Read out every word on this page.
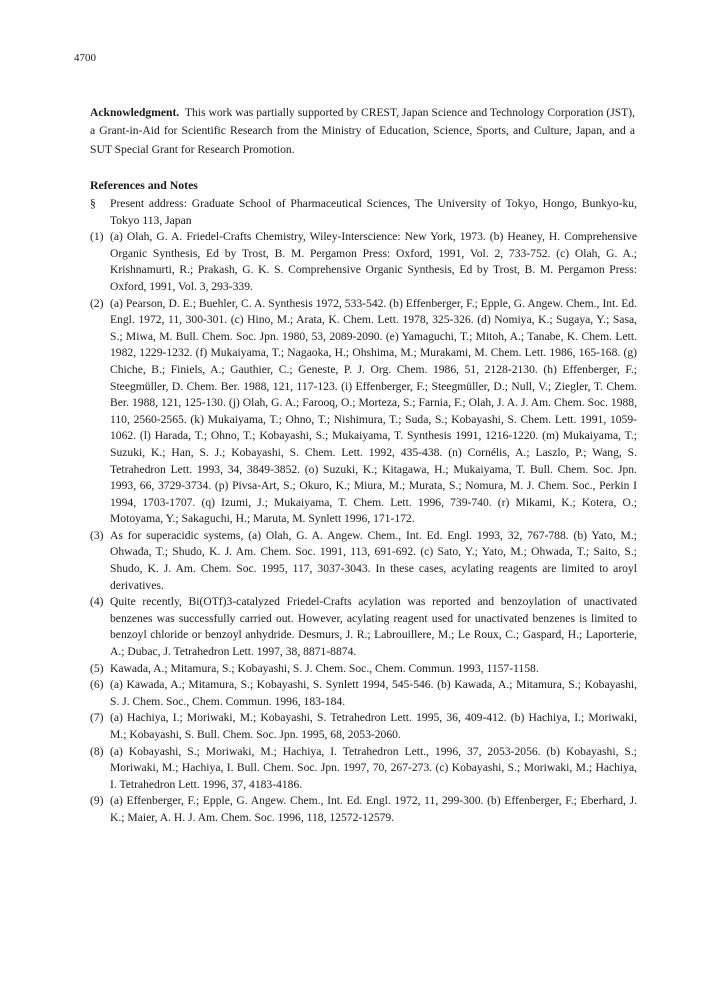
4700
Acknowledgment. This work was partially supported by CREST, Japan Science and Technology Corporation (JST), a Grant-in-Aid for Scientific Research from the Ministry of Education, Science, Sports, and Culture, Japan, and a SUT Special Grant for Research Promotion.
References and Notes
§ Present address: Graduate School of Pharmaceutical Sciences, The University of Tokyo, Hongo, Bunkyo-ku, Tokyo 113, Japan
(1) (a) Olah, G. A. Friedel-Crafts Chemistry, Wiley-Interscience: New York, 1973. (b) Heaney, H. Comprehensive Organic Synthesis, Ed by Trost, B. M. Pergamon Press: Oxford, 1991, Vol. 2, 733-752. (c) Olah, G. A.; Krishnamurti, R.; Prakash, G. K. S. Comprehensive Organic Synthesis, Ed by Trost, B. M. Pergamon Press: Oxford, 1991, Vol. 3, 293-339.
(2) (a) Pearson, D. E.; Buehler, C. A. Synthesis 1972, 533-542. (b) Effenberger, F.; Epple, G. Angew. Chem., Int. Ed. Engl. 1972, 11, 300-301. (c) Hino, M.; Arata, K. Chem. Lett. 1978, 325-326. (d) Nomiya, K.; Sugaya, Y.; Sasa, S.; Miwa, M. Bull. Chem. Soc. Jpn. 1980, 53, 2089-2090. (e) Yamaguchi, T.; Mitoh, A.; Tanabe, K. Chem. Lett. 1982, 1229-1232. (f) Mukaiyama, T.; Nagaoka, H.; Ohshima, M.; Murakami, M. Chem. Lett. 1986, 165-168. (g) Chiche, B.; Finiels, A.; Gauthier, C.; Geneste, P. J. Org. Chem. 1986, 51, 2128-2130. (h) Effenberger, F.; Steegmüller, D. Chem. Ber. 1988, 121, 117-123. (i) Effenberger, F.; Steegmüller, D.; Null, V.; Ziegler, T. Chem. Ber. 1988, 121, 125-130. (j) Olah, G. A.; Farooq, O.; Morteza, S.; Farnia, F.; Olah, J. A. J. Am. Chem. Soc. 1988, 110, 2560-2565. (k) Mukaiyama, T.; Ohno, T.; Nishimura, T.; Suda, S.; Kobayashi, S. Chem. Lett. 1991, 1059-1062. (l) Harada, T.; Ohno, T.; Kobayashi, S.; Mukaiyama, T. Synthesis 1991, 1216-1220. (m) Mukaiyama, T.; Suzuki, K.; Han, S. J.; Kobayashi, S. Chem. Lett. 1992, 435-438. (n) Cornélis, A.; Laszlo, P.; Wang, S. Tetrahedron Lett. 1993, 34, 3849-3852. (o) Suzuki, K.; Kitagawa, H.; Mukaiyama, T. Bull. Chem. Soc. Jpn. 1993, 66, 3729-3734. (p) Pivsa-Art, S.; Okuro, K.; Miura, M.; Murata, S.; Nomura, M. J. Chem. Soc., Perkin I 1994, 1703-1707. (q) Izumi, J.; Mukaiyama, T. Chem. Lett. 1996, 739-740. (r) Mikami, K.; Kotera, O.; Motoyama, Y.; Sakaguchi, H.; Maruta, M. Synlett 1996, 171-172.
(3) As for superacidic systems, (a) Olah, G. A. Angew. Chem., Int. Ed. Engl. 1993, 32, 767-788. (b) Yato, M.; Ohwada, T.; Shudo, K. J. Am. Chem. Soc. 1991, 113, 691-692. (c) Sato, Y.; Yato, M.; Ohwada, T.; Saito, S.; Shudo, K. J. Am. Chem. Soc. 1995, 117, 3037-3043. In these cases, acylating reagents are limited to aroyl derivatives.
(4) Quite recently, Bi(OTf)3-catalyzed Friedel-Crafts acylation was reported and benzoylation of unactivated benzenes was successfully carried out. However, acylating reagent used for unactivated benzenes is limited to benzoyl chloride or benzoyl anhydride. Desmurs, J. R.; Labrouillere, M.; Le Roux, C.; Gaspard, H.; Laporterie, A.; Dubac, J. Tetrahedron Lett. 1997, 38, 8871-8874.
(5) Kawada, A.; Mitamura, S.; Kobayashi, S. J. Chem. Soc., Chem. Commun. 1993, 1157-1158.
(6) (a) Kawada, A.; Mitamura, S.; Kobayashi, S. Synlett 1994, 545-546. (b) Kawada, A.; Mitamura, S.; Kobayashi, S. J. Chem. Soc., Chem. Commun. 1996, 183-184.
(7) (a) Hachiya, I.; Moriwaki, M.; Kobayashi, S. Tetrahedron Lett. 1995, 36, 409-412. (b) Hachiya, I.; Moriwaki, M.; Kobayashi, S. Bull. Chem. Soc. Jpn. 1995, 68, 2053-2060.
(8) (a) Kobayashi, S.; Moriwaki, M.; Hachiya, I. Tetrahedron Lett., 1996, 37, 2053-2056. (b) Kobayashi, S.; Moriwaki, M.; Hachiya, I. Bull. Chem. Soc. Jpn. 1997, 70, 267-273. (c) Kobayashi, S.; Moriwaki, M.; Hachiya, I. Tetrahedron Lett. 1996, 37, 4183-4186.
(9) (a) Effenberger, F.; Epple, G. Angew. Chem., Int. Ed. Engl. 1972, 11, 299-300. (b) Effenberger, F.; Eberhard, J. K.; Maier, A. H. J. Am. Chem. Soc. 1996, 118, 12572-12579.
